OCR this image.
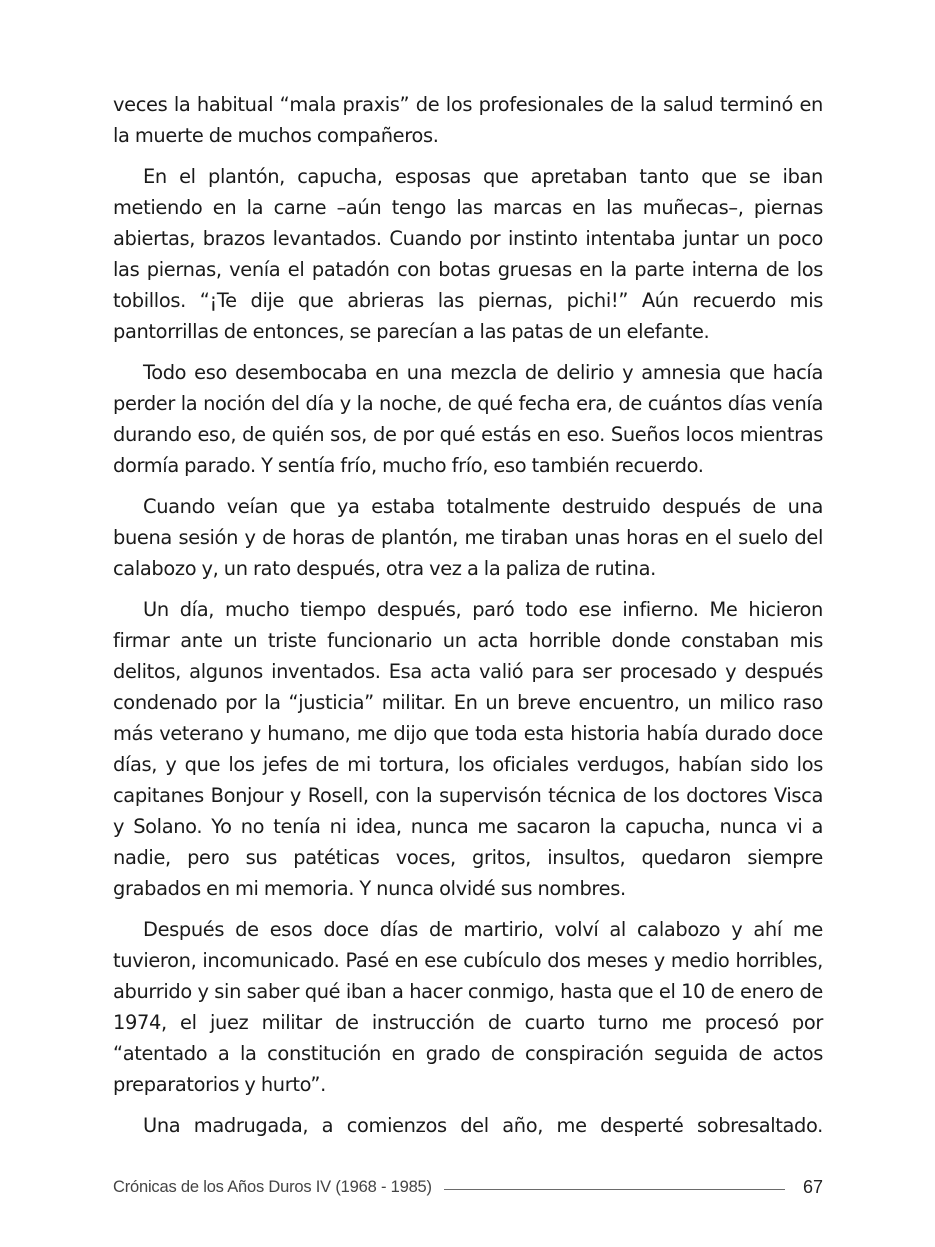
veces la habitual “mala praxis” de los profesionales de la salud terminó en la muerte de muchos compañeros.

En el plantón, capucha, esposas que apretaban tanto que se iban metiendo en la carne –aún tengo las marcas en las muñecas–, piernas abiertas, brazos levantados. Cuando por instinto intentaba juntar un poco las piernas, venía el patadón con botas gruesas en la parte interna de los tobillos. “¡Te dije que abrieras las piernas, pichi!” Aún recuerdo mis pantorrillas de entonces, se parecían a las patas de un elefante.

Todo eso desembocaba en una mezcla de delirio y amnesia que hacía perder la noción del día y la noche, de qué fecha era, de cuántos días venía durando eso, de quién sos, de por qué estás en eso. Sueños locos mientras dormía parado. Y sentía frío, mucho frío, eso también recuerdo.

Cuando veían que ya estaba totalmente destruido después de una buena sesión y de horas de plantón, me tiraban unas horas en el suelo del calabozo y, un rato después, otra vez a la paliza de rutina.

Un día, mucho tiempo después, paró todo ese infierno. Me hicieron firmar ante un triste funcionario un acta horrible donde constaban mis delitos, algunos inventados. Esa acta valió para ser procesado y después condenado por la “justicia” militar. En un breve encuentro, un milico raso más veterano y humano, me dijo que toda esta historia había durado doce días, y que los jefes de mi tortura, los oficiales verdugos, habían sido los capitanes Bonjour y Rosell, con la supervisón técnica de los doctores Visca y Solano. Yo no tenía ni idea, nunca me sacaron la capucha, nunca vi a nadie, pero sus patéticas voces, gritos, insultos, quedaron siempre grabados en mi memoria. Y nunca olvidé sus nombres.

Después de esos doce días de martirio, volví al calabozo y ahí me tuvieron, incomunicado. Pasé en ese cubículo dos meses y medio horribles, aburrido y sin saber qué iban a hacer conmigo, hasta que el 10 de enero de 1974, el juez militar de instrucción de cuarto turno me procesó por “atentado a la constitución en grado de conspiración seguida de actos preparatorios y hurto”.

Una madrugada, a comienzos del año, me desperté sobresaltado.

Crónicas de los Años Duros IV (1968 - 1985)	67
